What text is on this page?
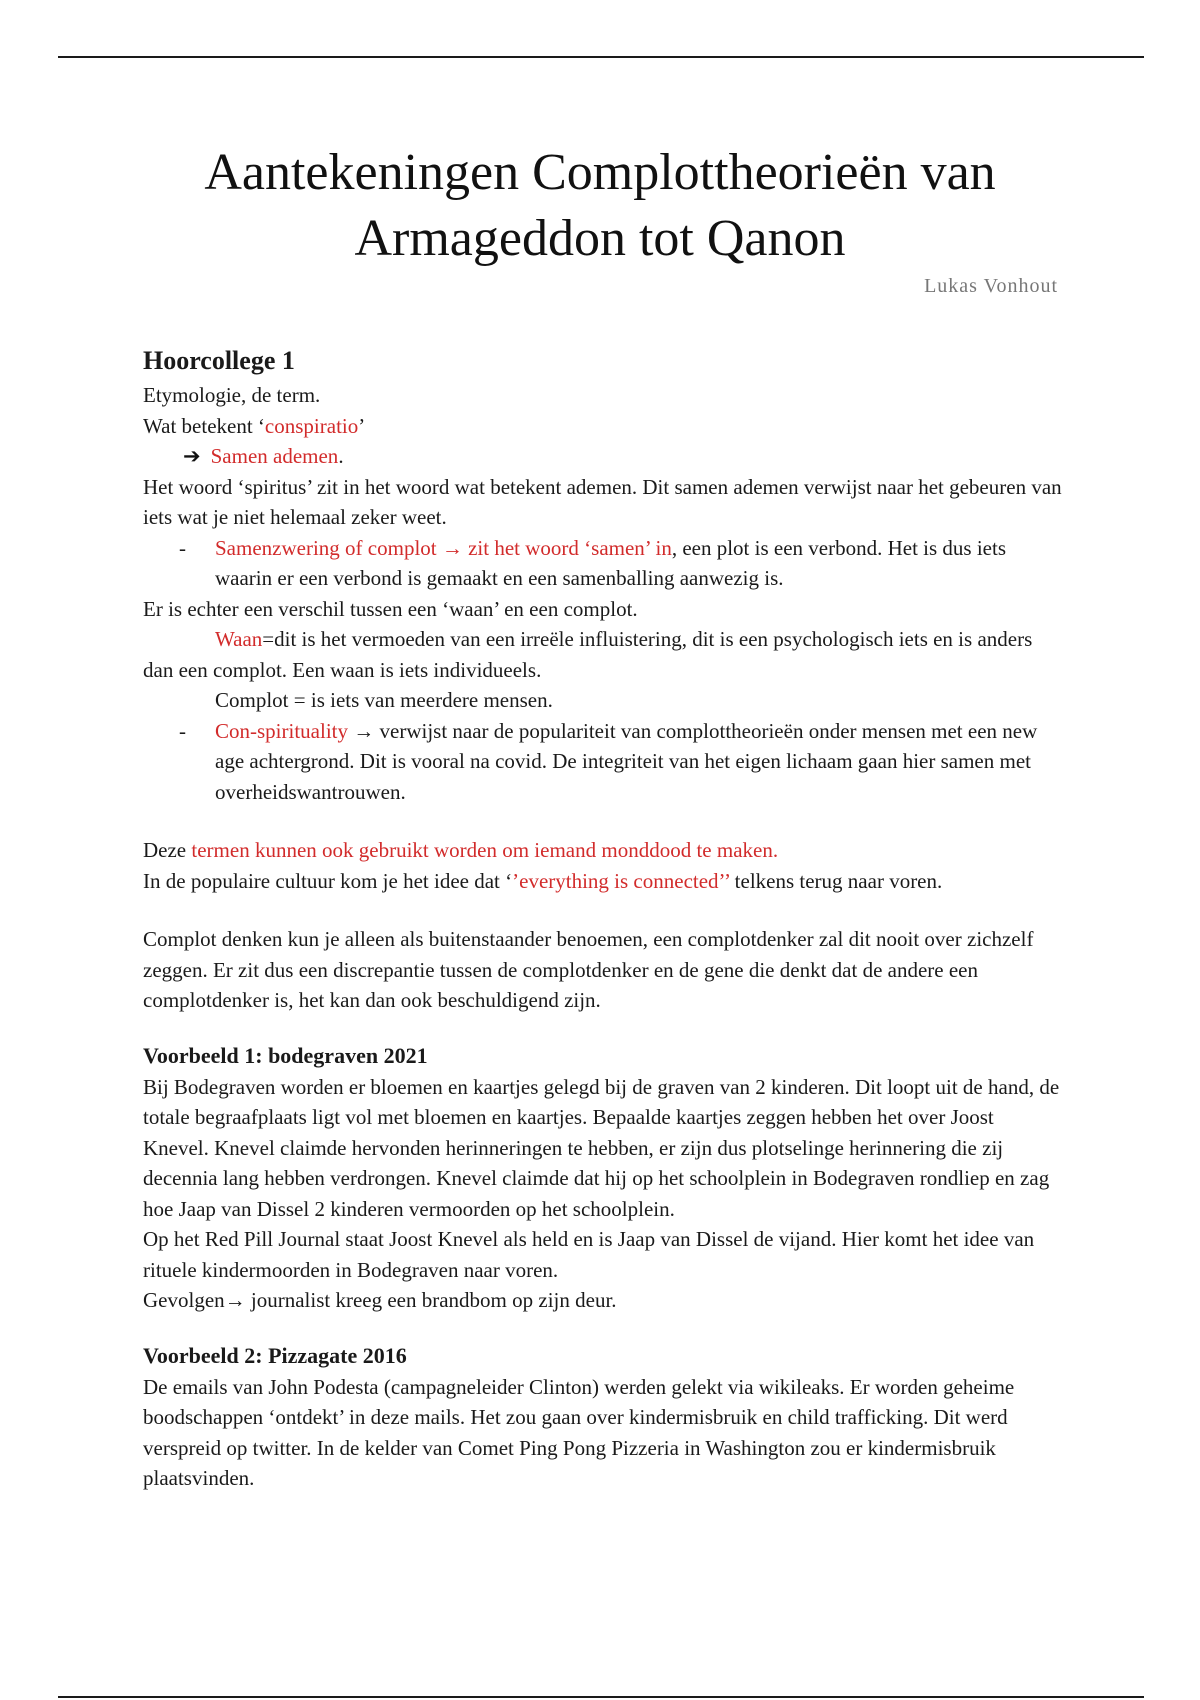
Aantekeningen Complottheorieën van
Armageddon tot Qanon
Lukas Vonhout

Hoorcollege 1

Etymologie, de term.

Wat betekent ‘conspiratio’

➔ Samen ademen.

Het woord ‘spiritus’ zit in het woord wat betekent ademen. Dit samen ademen verwijst naar het gebeuren van iets wat je niet helemaal zeker weet.

- Samenzwering of complot → zit het woord ‘samen’ in, een plot is een verbond. Het is dus iets waarin er een verbond is gemaakt en een samenballing aanwezig is.

Er is echter een verschil tussen een ‘waan’ en een complot.

Waan=dit is het vermoeden van een irreële influistering, dit is een psychologisch iets en is anders dan een complot. Een waan is iets individueels.

Complot = is iets van meerdere mensen.

- Con-spirituality → verwijst naar de populariteit van complottheorieën onder mensen met een new age achtergrond. Dit is vooral na covid. De integriteit van het eigen lichaam gaan hier samen met overheidswantrouwen.

Deze termen kunnen ook gebruikt worden om iemand monddood te maken.

In de populaire cultuur kom je het idee dat ‘’everything is connected’’ telkens terug naar voren.

Complot denken kun je alleen als buitenstaander benoemen, een complotdenker zal dit nooit over zichzelf zeggen. Er zit dus een discrepantie tussen de complotdenker en de gene die denkt dat de andere een complotdenker is, het kan dan ook beschuldigend zijn.

Voorbeeld 1: bodegraven 2021

Bij Bodegraven worden er bloemen en kaartjes gelegd bij de graven van 2 kinderen. Dit loopt uit de hand, de totale begraafplaats ligt vol met bloemen en kaartjes. Bepaalde kaartjes zeggen hebben het over Joost Knevel. Knevel claimde hervonden herinneringen te hebben, er zijn dus plotselinge herinnering die zij decennia lang hebben verdrongen. Knevel claimde dat hij op het schoolplein in Bodegraven rondliep en zag hoe Jaap van Dissel 2 kinderen vermoorden op het schoolplein.

Op het Red Pill Journal staat Joost Knevel als held en is Jaap van Dissel de vijand. Hier komt het idee van rituele kindermoorden in Bodegraven naar voren.

Gevolgen→ journalist kreeg een brandbom op zijn deur.

Voorbeeld 2: Pizzagate 2016

De emails van John Podesta (campagneleider Clinton) werden gelekt via wikileaks. Er worden geheime boodschappen ‘ontdekt’ in deze mails. Het zou gaan over kindermisbruik en child trafficking. Dit werd verspreid op twitter. In de kelder van Comet Ping Pong Pizzeria in Washington zou er kindermisbruik plaatsvinden.
